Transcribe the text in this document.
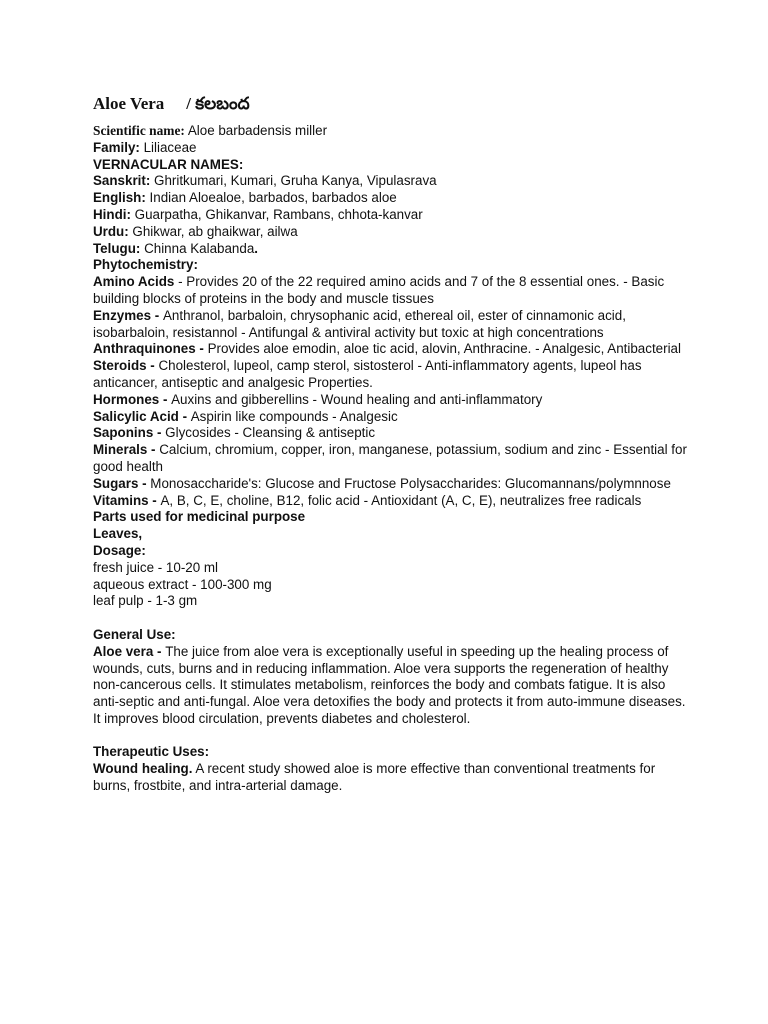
Aloe Vera / కలబంద
Scientific name: Aloe barbadensis miller
Family: Liliaceae
VERNACULAR NAMES:
Sanskrit: Ghritkumari, Kumari, Gruha Kanya, Vipulasrava
English: Indian Aloealoe, barbados, barbados aloe
Hindi: Guarpatha, Ghikanvar, Rambans, chhota-kanvar
Urdu: Ghikwar, ab ghaikwar, ailwa
Telugu: Chinna Kalabanda.
Phytochemistry:
Amino Acids - Provides 20 of the 22 required amino acids and 7 of the 8 essential ones. - Basic building blocks of proteins in the body and muscle tissues
Enzymes - Anthranol, barbaloin, chrysophanic acid, ethereal oil, ester of cinnamonic acid, isobarbaloin, resistannol - Antifungal & antiviral activity but toxic at high concentrations
Anthraquinones - Provides aloe emodin, aloe tic acid, alovin, Anthracine. - Analgesic, Antibacterial
Steroids - Cholesterol, lupeol, camp sterol, sistosterol - Anti-inflammatory agents, lupeol has anticancer, antiseptic and analgesic Properties.
Hormones - Auxins and gibberellins - Wound healing and anti-inflammatory
Salicylic Acid - Aspirin like compounds - Analgesic
Saponins - Glycosides - Cleansing & antiseptic
Minerals - Calcium, chromium, copper, iron, manganese, potassium, sodium and zinc - Essential for good health
Sugars - Monosaccharide's: Glucose and Fructose Polysaccharides: Glucomannans/polymnnose
Vitamins - A, B, C, E, choline, B12, folic acid - Antioxidant (A, C, E), neutralizes free radicals
Parts used for medicinal purpose
Leaves,
Dosage:
fresh juice - 10-20 ml
aqueous extract - 100-300 mg
leaf pulp - 1-3 gm
General Use:
Aloe vera - The juice from aloe vera is exceptionally useful in speeding up the healing process of wounds, cuts, burns and in reducing inflammation. Aloe vera supports the regeneration of healthy non-cancerous cells. It stimulates metabolism, reinforces the body and combats fatigue. It is also anti-septic and anti-fungal. Aloe vera detoxifies the body and protects it from auto-immune diseases. It improves blood circulation, prevents diabetes and cholesterol.
Therapeutic Uses:
Wound healing. A recent study showed aloe is more effective than conventional treatments for burns, frostbite, and intra-arterial damage.
